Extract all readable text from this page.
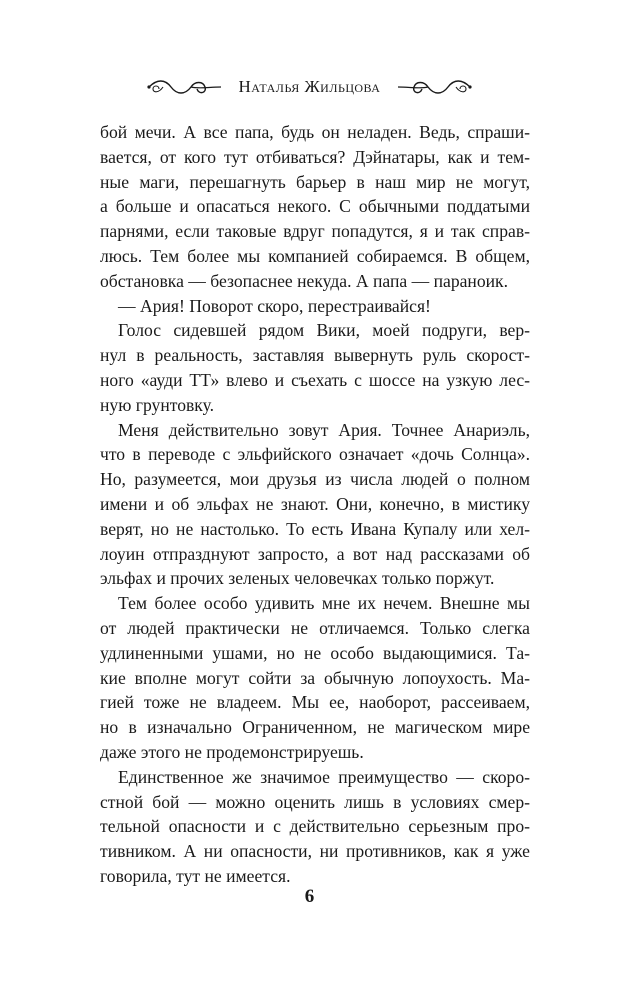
Наталья Жильцова

бой мечи. А все папа, будь он неладен. Ведь, спраши-
вается, от кого тут отбиваться? Дэйнатары, как и тем-
ные маги, перешагнуть барьер в наш мир не могут,
а больше и опасаться некого. С обычными поддатыми
парнями, если таковые вдруг попадутся, я и так справ-
люсь. Тем более мы компанией собираемся. В общем,
обстановка — безопаснее некуда. А папа — параноик.

— Ария! Поворот скоро, перестраивайся!

Голос сидевшей рядом Вики, моей подруги, вер-
нул в реальность, заставляя вывернуть руль скорост-
ного «ауди ТТ» влево и съехать с шоссе на узкую лес-
ную грунтовку.

Меня действительно зовут Ария. Точнее Анариэль,
что в переводе с эльфийского означает «дочь Солнца».
Но, разумеется, мои друзья из числа людей о полном
имени и об эльфах не знают. Они, конечно, в мистику
верят, но не настолько. То есть Ивана Купалу или хел-
лоуин отпразднуют запросто, а вот над рассказами об
эльфах и прочих зеленых человечках только поржут.

Тем более особо удивить мне их нечем. Внешне мы
от людей практически не отличаемся. Только слегка
удлиненными ушами, но не особо выдающимися. Та-
кие вполне могут сойти за обычную лопоухость. Ма-
гией тоже не владеем. Мы ее, наоборот, рассеиваем,
но в изначально Ограниченном, не магическом мире
даже этого не продемонстрируешь.

Единственное же значимое преимущество — скоро-
стной бой — можно оценить лишь в условиях смер-
тельной опасности и с действительно серьезным про-
тивником. А ни опасности, ни противников, как я уже
говорила, тут не имеется.

6
